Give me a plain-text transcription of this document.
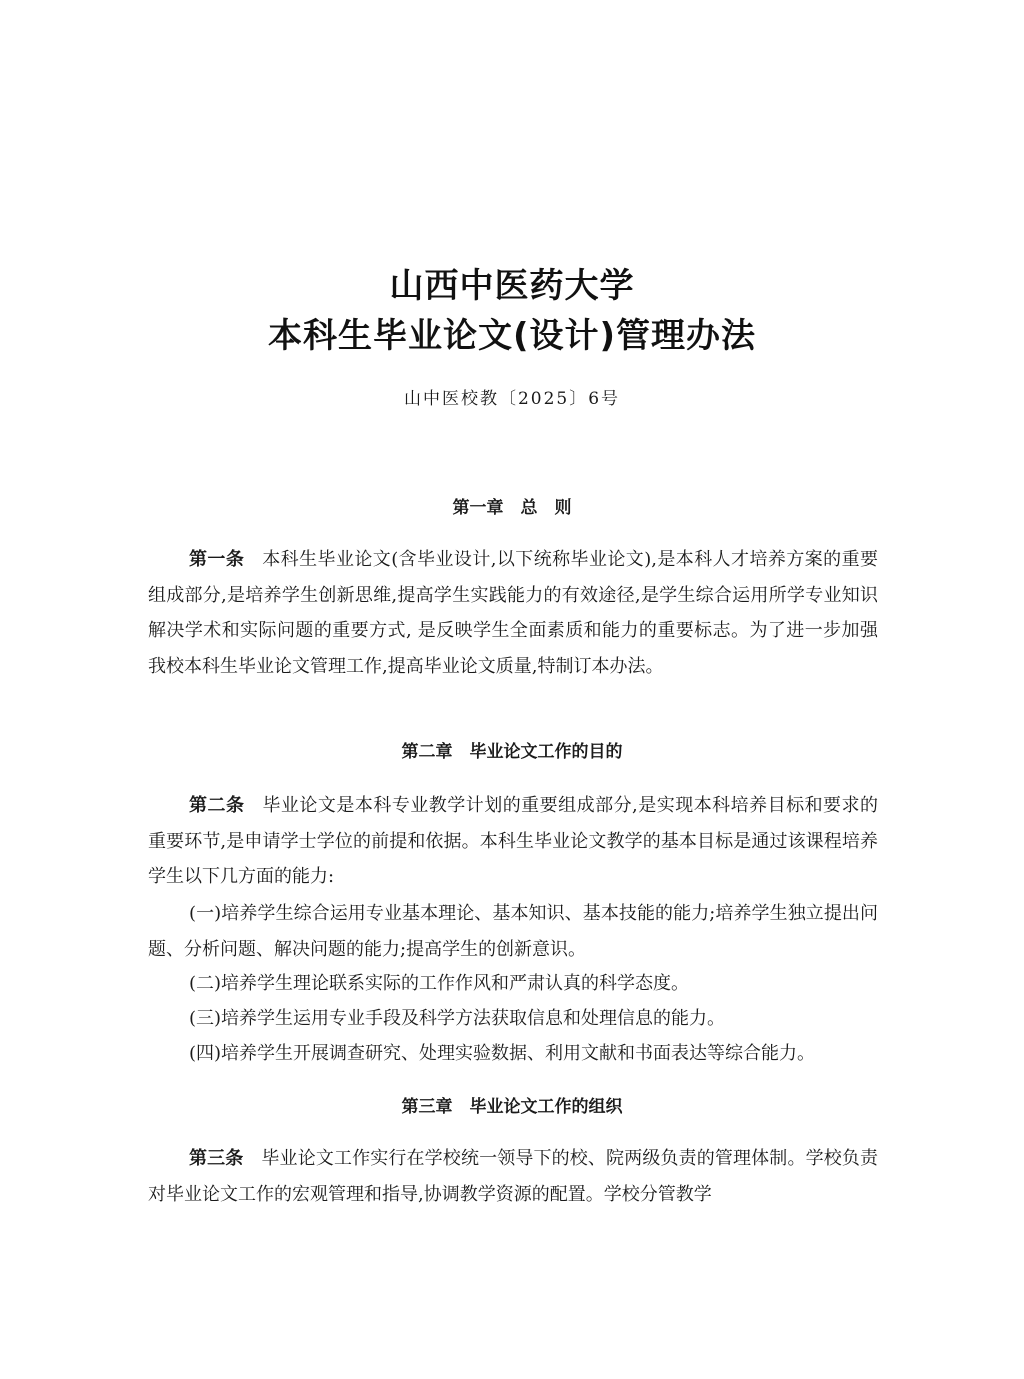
山西中医药大学
本科生毕业论文(设计)管理办法
山中医校教〔2025〕6号
第一章　总　则

第一条 本科生毕业论文(含毕业设计,以下统称毕业论文),是本科人才培养方案的重要组成部分,是培养学生创新思维,提高学生实践能力的有效途径,是学生综合运用所学专业知识解决学术和实际问题的重要方式, 是反映学生全面素质和能力的重要标志。为了进一步加强我校本科生毕业论文管理工作,提高毕业论文质量,特制订本办法。

第二章　毕业论文工作的目的

第二条 毕业论文是本科专业教学计划的重要组成部分,是实现本科培养目标和要求的重要环节,是申请学士学位的前提和依据。本科生毕业论文教学的基本目标是通过该课程培养学生以下几方面的能力:

(一)培养学生综合运用专业基本理论、基本知识、基本技能的能力;培养学生独立提出问题、分析问题、解决问题的能力;提高学生的创新意识。

(二)培养学生理论联系实际的工作作风和严肃认真的科学态度。

(三)培养学生运用专业手段及科学方法获取信息和处理信息的能力。

(四)培养学生开展调查研究、处理实验数据、利用文献和书面表达等综合能力。

第三章　毕业论文工作的组织

第三条 毕业论文工作实行在学校统一领导下的校、院两级负责的管理体制。学校负责对毕业论文工作的宏观管理和指导,协调教学资源的配置。学校分管教学
